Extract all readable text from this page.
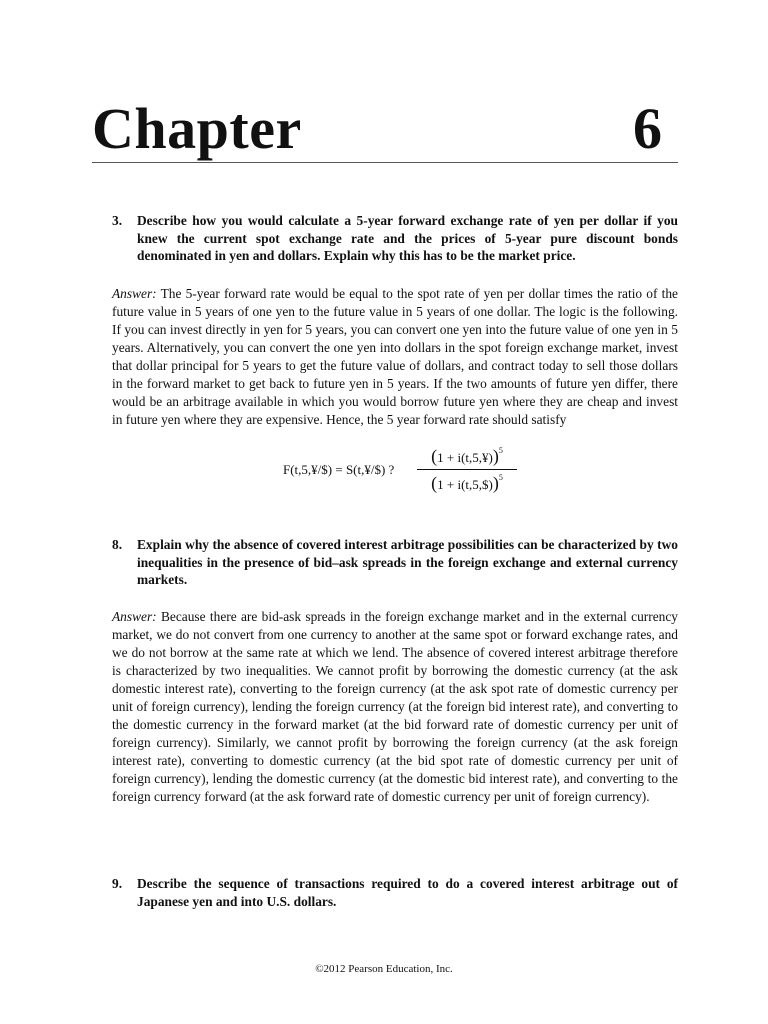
Chapter	6
3. Describe how you would calculate a 5-year forward exchange rate of yen per dollar if you knew the current spot exchange rate and the prices of 5-year pure discount bonds denominated in yen and dollars. Explain why this has to be the market price.
Answer: The 5-year forward rate would be equal to the spot rate of yen per dollar times the ratio of the future value in 5 years of one yen to the future value in 5 years of one dollar. The logic is the following. If you can invest directly in yen for 5 years, you can convert one yen into the future value of one yen in 5 years. Alternatively, you can convert the one yen into dollars in the spot foreign exchange market, invest that dollar principal for 5 years to get the future value of dollars, and contract today to sell those dollars in the forward market to get back to future yen in 5 years. If the two amounts of future yen differ, there would be an arbitrage available in which you would borrow future yen where they are cheap and invest in future yen where they are expensive. Hence, the 5 year forward rate should satisfy
F(t,5,¥/$) = S(t,¥/$) ?
(1 + i(t,5,¥))$^5$
(1 + i(t,5,$))$^5$
8. Explain why the absence of covered interest arbitrage possibilities can be characterized by two inequalities in the presence of bid–ask spreads in the foreign exchange and external currency markets.
Answer: Because there are bid-ask spreads in the foreign exchange market and in the external currency market, we do not convert from one currency to another at the same spot or forward exchange rates, and we do not borrow at the same rate at which we lend. The absence of covered interest arbitrage therefore is characterized by two inequalities. We cannot profit by borrowing the domestic currency (at the ask domestic interest rate), converting to the foreign currency (at the ask spot rate of domestic currency per unit of foreign currency), lending the foreign currency (at the foreign bid interest rate), and converting to the domestic currency in the forward market (at the bid forward rate of domestic currency per unit of foreign currency). Similarly, we cannot profit by borrowing the foreign currency (at the ask foreign interest rate), converting to domestic currency (at the bid spot rate of domestic currency per unit of foreign currency), lending the domestic currency (at the domestic bid interest rate), and converting to the foreign currency forward (at the ask forward rate of domestic currency per unit of foreign currency).
9. Describe the sequence of transactions required to do a covered interest arbitrage out of Japanese yen and into U.S. dollars.
©2012 Pearson Education, Inc.
